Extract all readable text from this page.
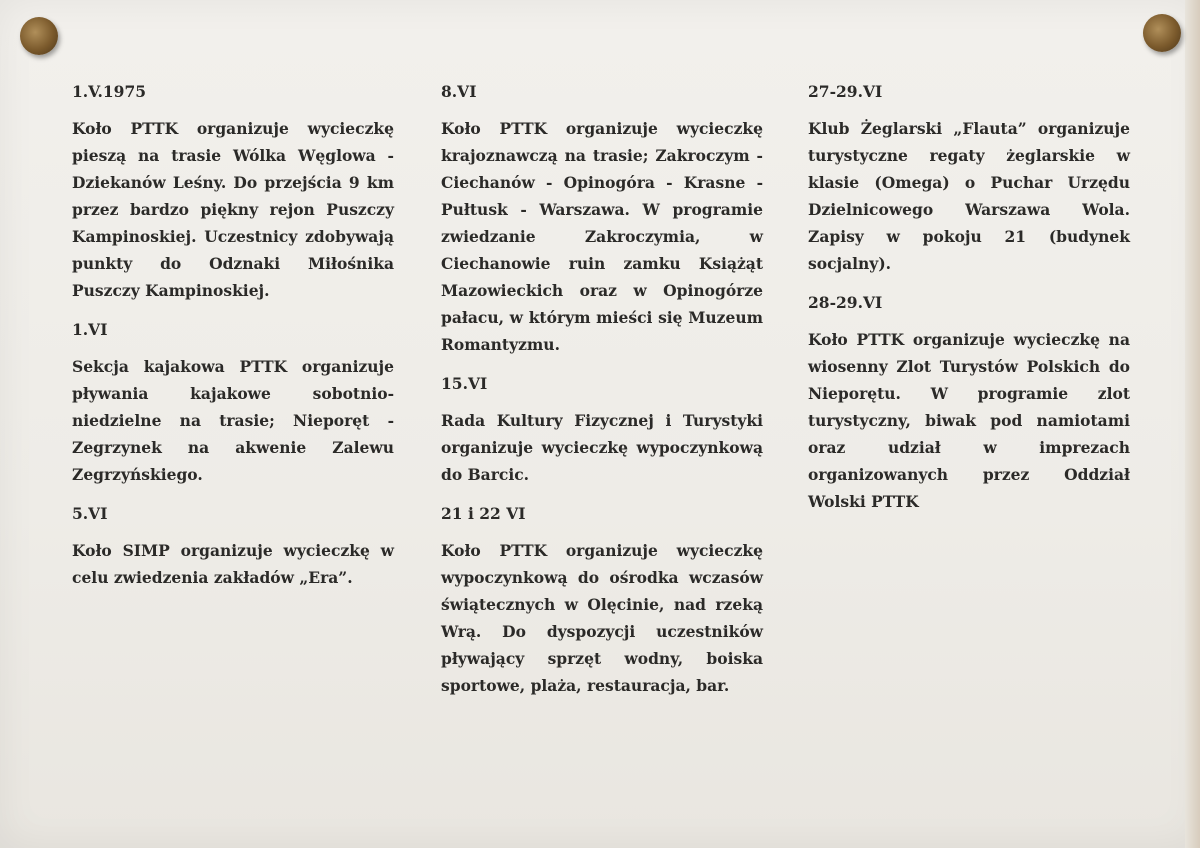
1.V.1975
Koło PTTK organizuje wycieczkę pieszą na trasie Wólka Węglowa - Dziekanów Leśny. Do przejścia 9 km przez bardzo piękny rejon Puszczy Kampinoskiej. Uczestnicy zdobywają punkty do Odznaki Miłośnika Puszczy Kampinoskiej.
1.VI
Sekcja kajakowa PTTK organizuje pływania kajakowe sobotnio-niedzielne na trasie; Nieporęt - Zegrzynek na akwenie Zalewu Zegrzyńskiego.
5.VI
Koło SIMP organizuje wycieczkę w celu zwiedzenia zakładów „Era”.
8.VI
Koło PTTK organizuje wycieczkę krajoznawczą na trasie; Zakroczym - Ciechanów - Opinogóra - Krasne - Pułtusk - Warszawa. W programie zwiedzanie Zakroczymia, w Ciechanowie ruin zamku Książąt Mazowieckich oraz w Opinogórze pałacu, w którym mieści się Muzeum Romantyzmu.
15.VI
Rada Kultury Fizycznej i Turystyki organizuje wycieczkę wypoczynkową do Barcic.
21 i 22 VI
Koło PTTK organizuje wycieczkę wypoczynkową do ośrodka wczasów świątecznych w Olęcinie, nad rzeką Wrą. Do dyspozycji uczestników pływający sprzęt wodny, boiska sportowe, plaża, restauracja, bar.
27-29.VI
Klub Żeglarski „Flauta” organizuje turystyczne regaty żeglarskie w klasie (Omega) o Puchar Urzędu Dzielnicowego Warszawa Wola. Zapisy w pokoju 21 (budynek socjalny).
28-29.VI
Koło PTTK organizuje wycieczkę na wiosenny Zlot Turystów Polskich do Nieporętu. W programie zlot turystyczny, biwak pod namiotami oraz udział w imprezach organizowanych przez Oddział Wolski PTTK
